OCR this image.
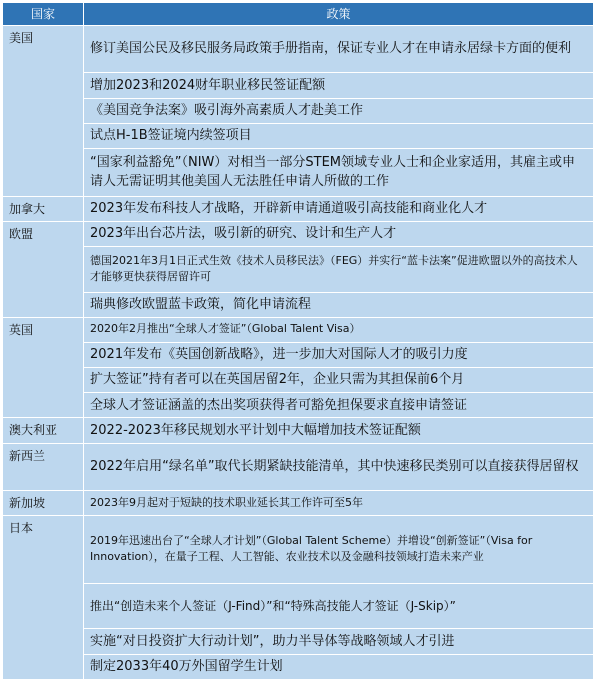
国家	政策
美国	修订美国公民及移民服务局政策手册指南，保证专业人才在申请永居绿卡方面的便利
	增加2023和2024财年职业移民签证配额
	《美国竞争法案》吸引海外高素质人才赴美工作
	试点H-1B签证境内续签项目
	“国家利益豁免”（NIW）对相当一部分STEM领域专业人士和企业家适用，其雇主或申请人无需证明其他美国人无法胜任申请人所做的工作
加拿大	2023年发布科技人才战略，开辟新申请通道吸引高技能和商业化人才
欧盟	2023年出台芯片法，吸引新的研究、设计和生产人才
	德国2021年3月1日正式生效《技术人员移民法》（FEG）并实行“蓝卡法案”促进欧盟以外的高技术人才能够更快获得居留许可
	瑞典修改欧盟蓝卡政策，简化申请流程
英国	2020年2月推出“全球人才签证”（Global Talent Visa）
	2021年发布《英国创新战略》，进一步加大对国际人才的吸引力度
	扩大签证”持有者可以在英国居留2年，企业只需为其担保前6个月
	全球人才签证涵盖的杰出奖项获得者可豁免担保要求直接申请签证
澳大利亚	2022-2023年移民规划水平计划中大幅增加技术签证配额
新西兰	2022年启用“绿名单”取代长期紧缺技能清单，其中快速移民类别可以直接获得居留权
新加坡	2023年9月起对于短缺的技术职业延长其工作许可至5年
日本	2019年迅速出台了“全球人才计划”（Global Talent Scheme）并增设“创新签证”（Visa for Innovation），在量子工程、人工智能、农业技术以及金融科技领域打造未来产业
	推出“创造未来个人签证（J-Find）”和“特殊高技能人才签证（J-Skip）”
	实施“对日投资扩大行动计划”，助力半导体等战略领域人才引进
	制定2033年40万外国留学生计划
